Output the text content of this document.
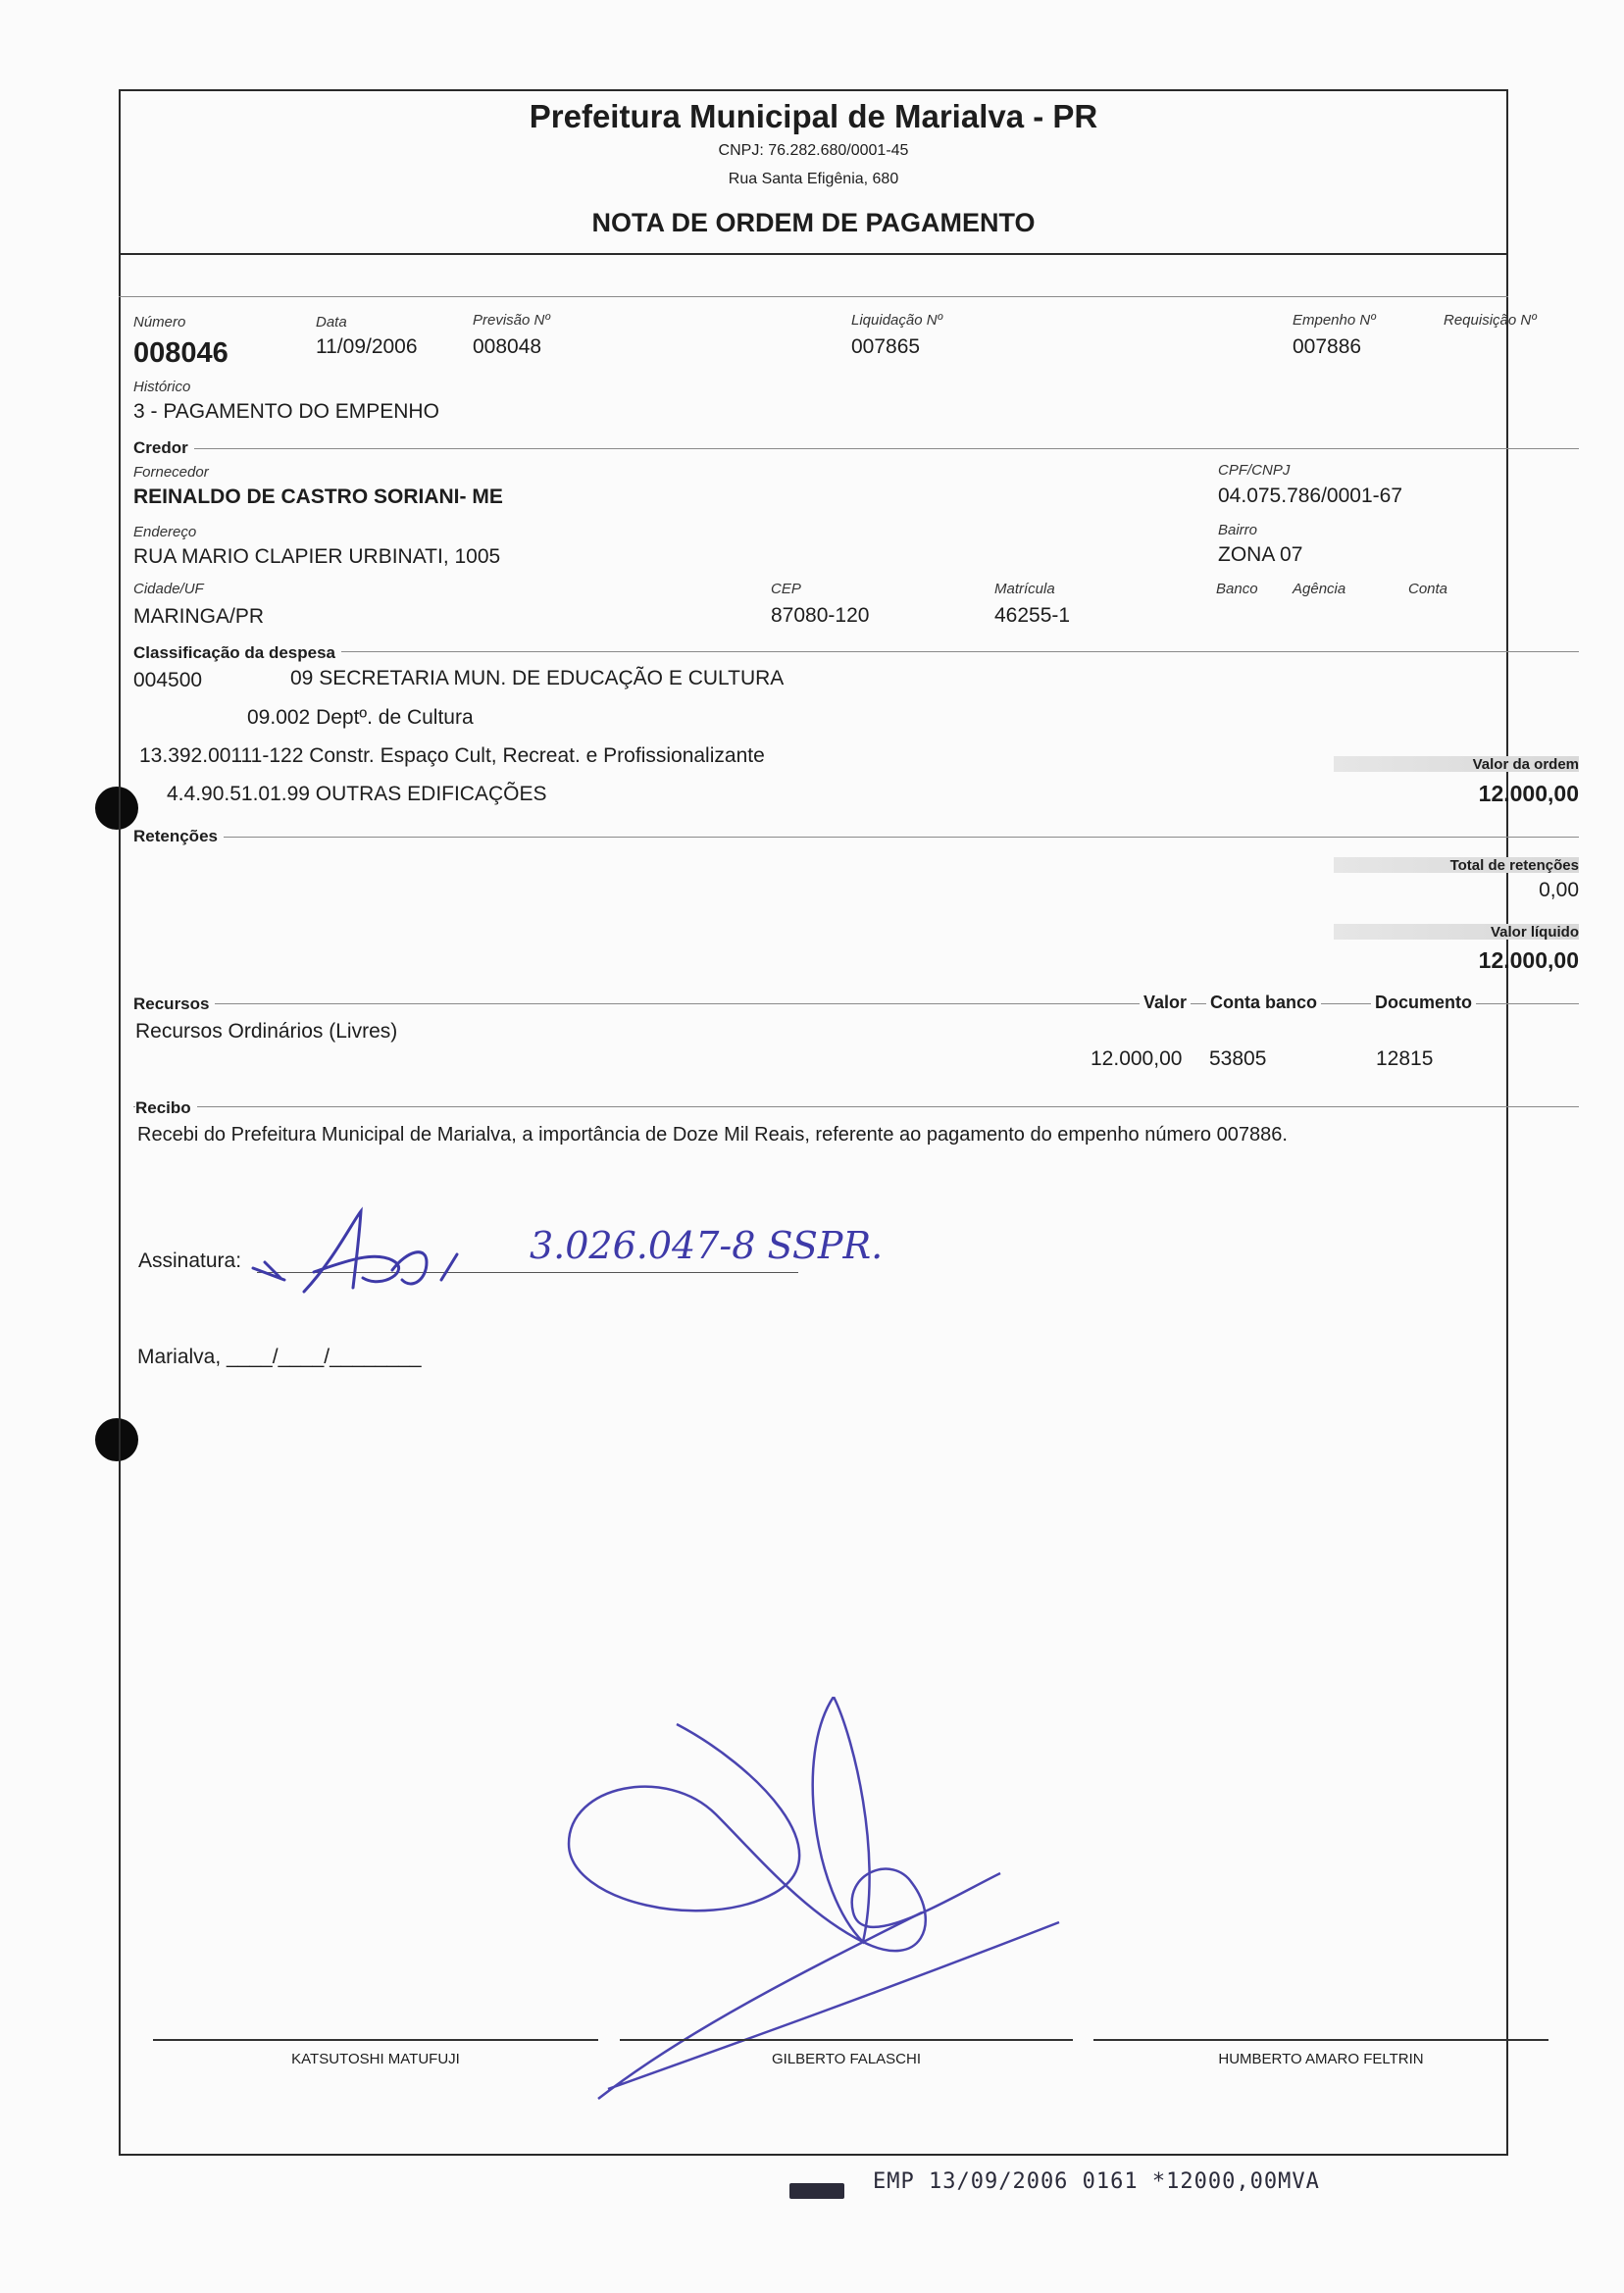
Prefeitura Municipal de Marialva - PR
CNPJ: 76.282.680/0001-45
Rua Santa Efigênia, 680
NOTA DE ORDEM DE PAGAMENTO
Número
008046
Data
11/09/2006
Previsão Nº
008048
Liquidação Nº
007865
Empenho Nº
007886
Requisição Nº
Histórico
3 - PAGAMENTO DO EMPENHO
Credor
Fornecedor
REINALDO DE CASTRO SORIANI- ME
CPF/CNPJ
04.075.786/0001-67
Endereço
RUA MARIO CLAPIER URBINATI, 1005
Bairro
ZONA 07
Cidade/UF
MARINGA/PR
CEP
87080-120
Matrícula
46255-1
Banco Agência	Conta
Classificação da despesa
004500	09 SECRETARIA MUN. DE EDUCAÇÃO E CULTURA
09.002 Deptº. de Cultura
13.392.00111-122 Constr. Espaço Cult, Recreat. e Profissionalizante
4.4.90.51.01.99 OUTRAS EDIFICAÇÕES
Valor da ordem
12.000,00
Retenções
Total de retenções
0,00
Valor líquido
12.000,00
Recursos	Valor Conta banco	Documento
Recursos Ordinários (Livres)
12.000,00 53805	12815
Recibo
Recebi do Prefeitura Municipal de Marialva, a importância de Doze Mil Reais, referente ao pagamento do empenho número 007886.
Assinatura:	3.026.047-8 SSPR.
Marialva, ____/____/________
KATSUTOSHI MATUFUJI	GILBERTO FALASCHI	HUMBERTO AMARO FELTRIN
EMP 13/09/2006 0161 *12000,00MVA
